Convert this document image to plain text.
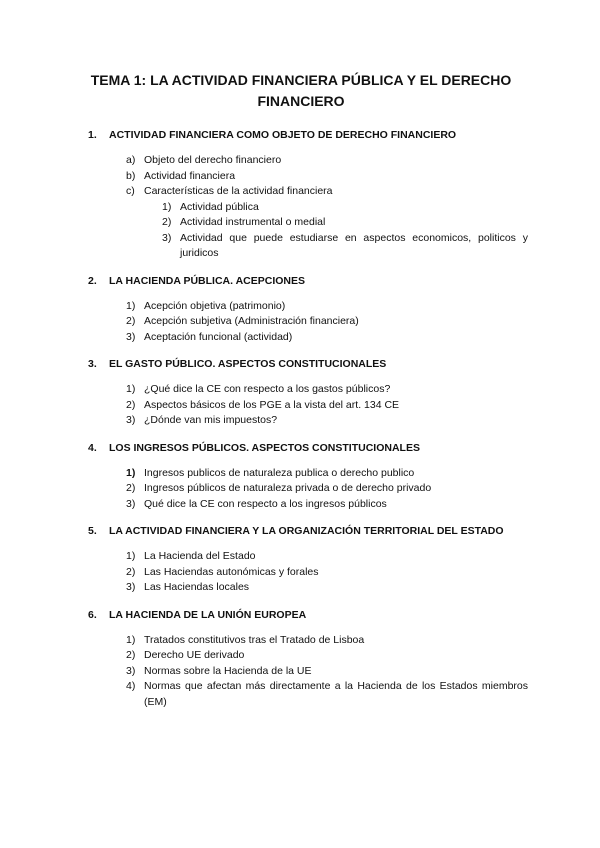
TEMA 1: LA ACTIVIDAD FINANCIERA PÚBLICA Y EL DERECHO FINANCIERO
1.	ACTIVIDAD FINANCIERA COMO OBJETO DE DERECHO FINANCIERO
a) Objeto del derecho financiero
b) Actividad financiera
c) Características de la actividad financiera
1) Actividad pública
2) Actividad instrumental o medial
3) Actividad que puede estudiarse en aspectos economicos, politicos y juridicos
2.	LA HACIENDA PÚBLICA. ACEPCIONES
1) Acepción objetiva (patrimonio)
2) Acepción subjetiva (Administración financiera)
3) Aceptación funcional (actividad)
3.	EL GASTO PÚBLICO. ASPECTOS CONSTITUCIONALES
1) ¿Qué dice la CE con respecto a los gastos públicos?
2) Aspectos básicos de los PGE a la vista del art. 134 CE
3) ¿Dónde van mis impuestos?
4.	LOS INGRESOS PÚBLICOS. ASPECTOS CONSTITUCIONALES
1) Ingresos publicos de naturaleza publica o derecho publico
2) Ingresos públicos de naturaleza privada o de derecho privado
3) Qué dice la CE con respecto a los ingresos públicos
5.	LA ACTIVIDAD FINANCIERA Y LA ORGANIZACIÓN TERRITORIAL DEL ESTADO
1) La Hacienda del Estado
2) Las Haciendas autonómicas y forales
3) Las Haciendas locales
6.	LA HACIENDA DE LA UNIÓN EUROPEA
1) Tratados constitutivos tras el Tratado de Lisboa
2) Derecho UE derivado
3) Normas sobre la Hacienda de la UE
4) Normas que afectan más directamente a la Hacienda de los Estados miembros (EM)
